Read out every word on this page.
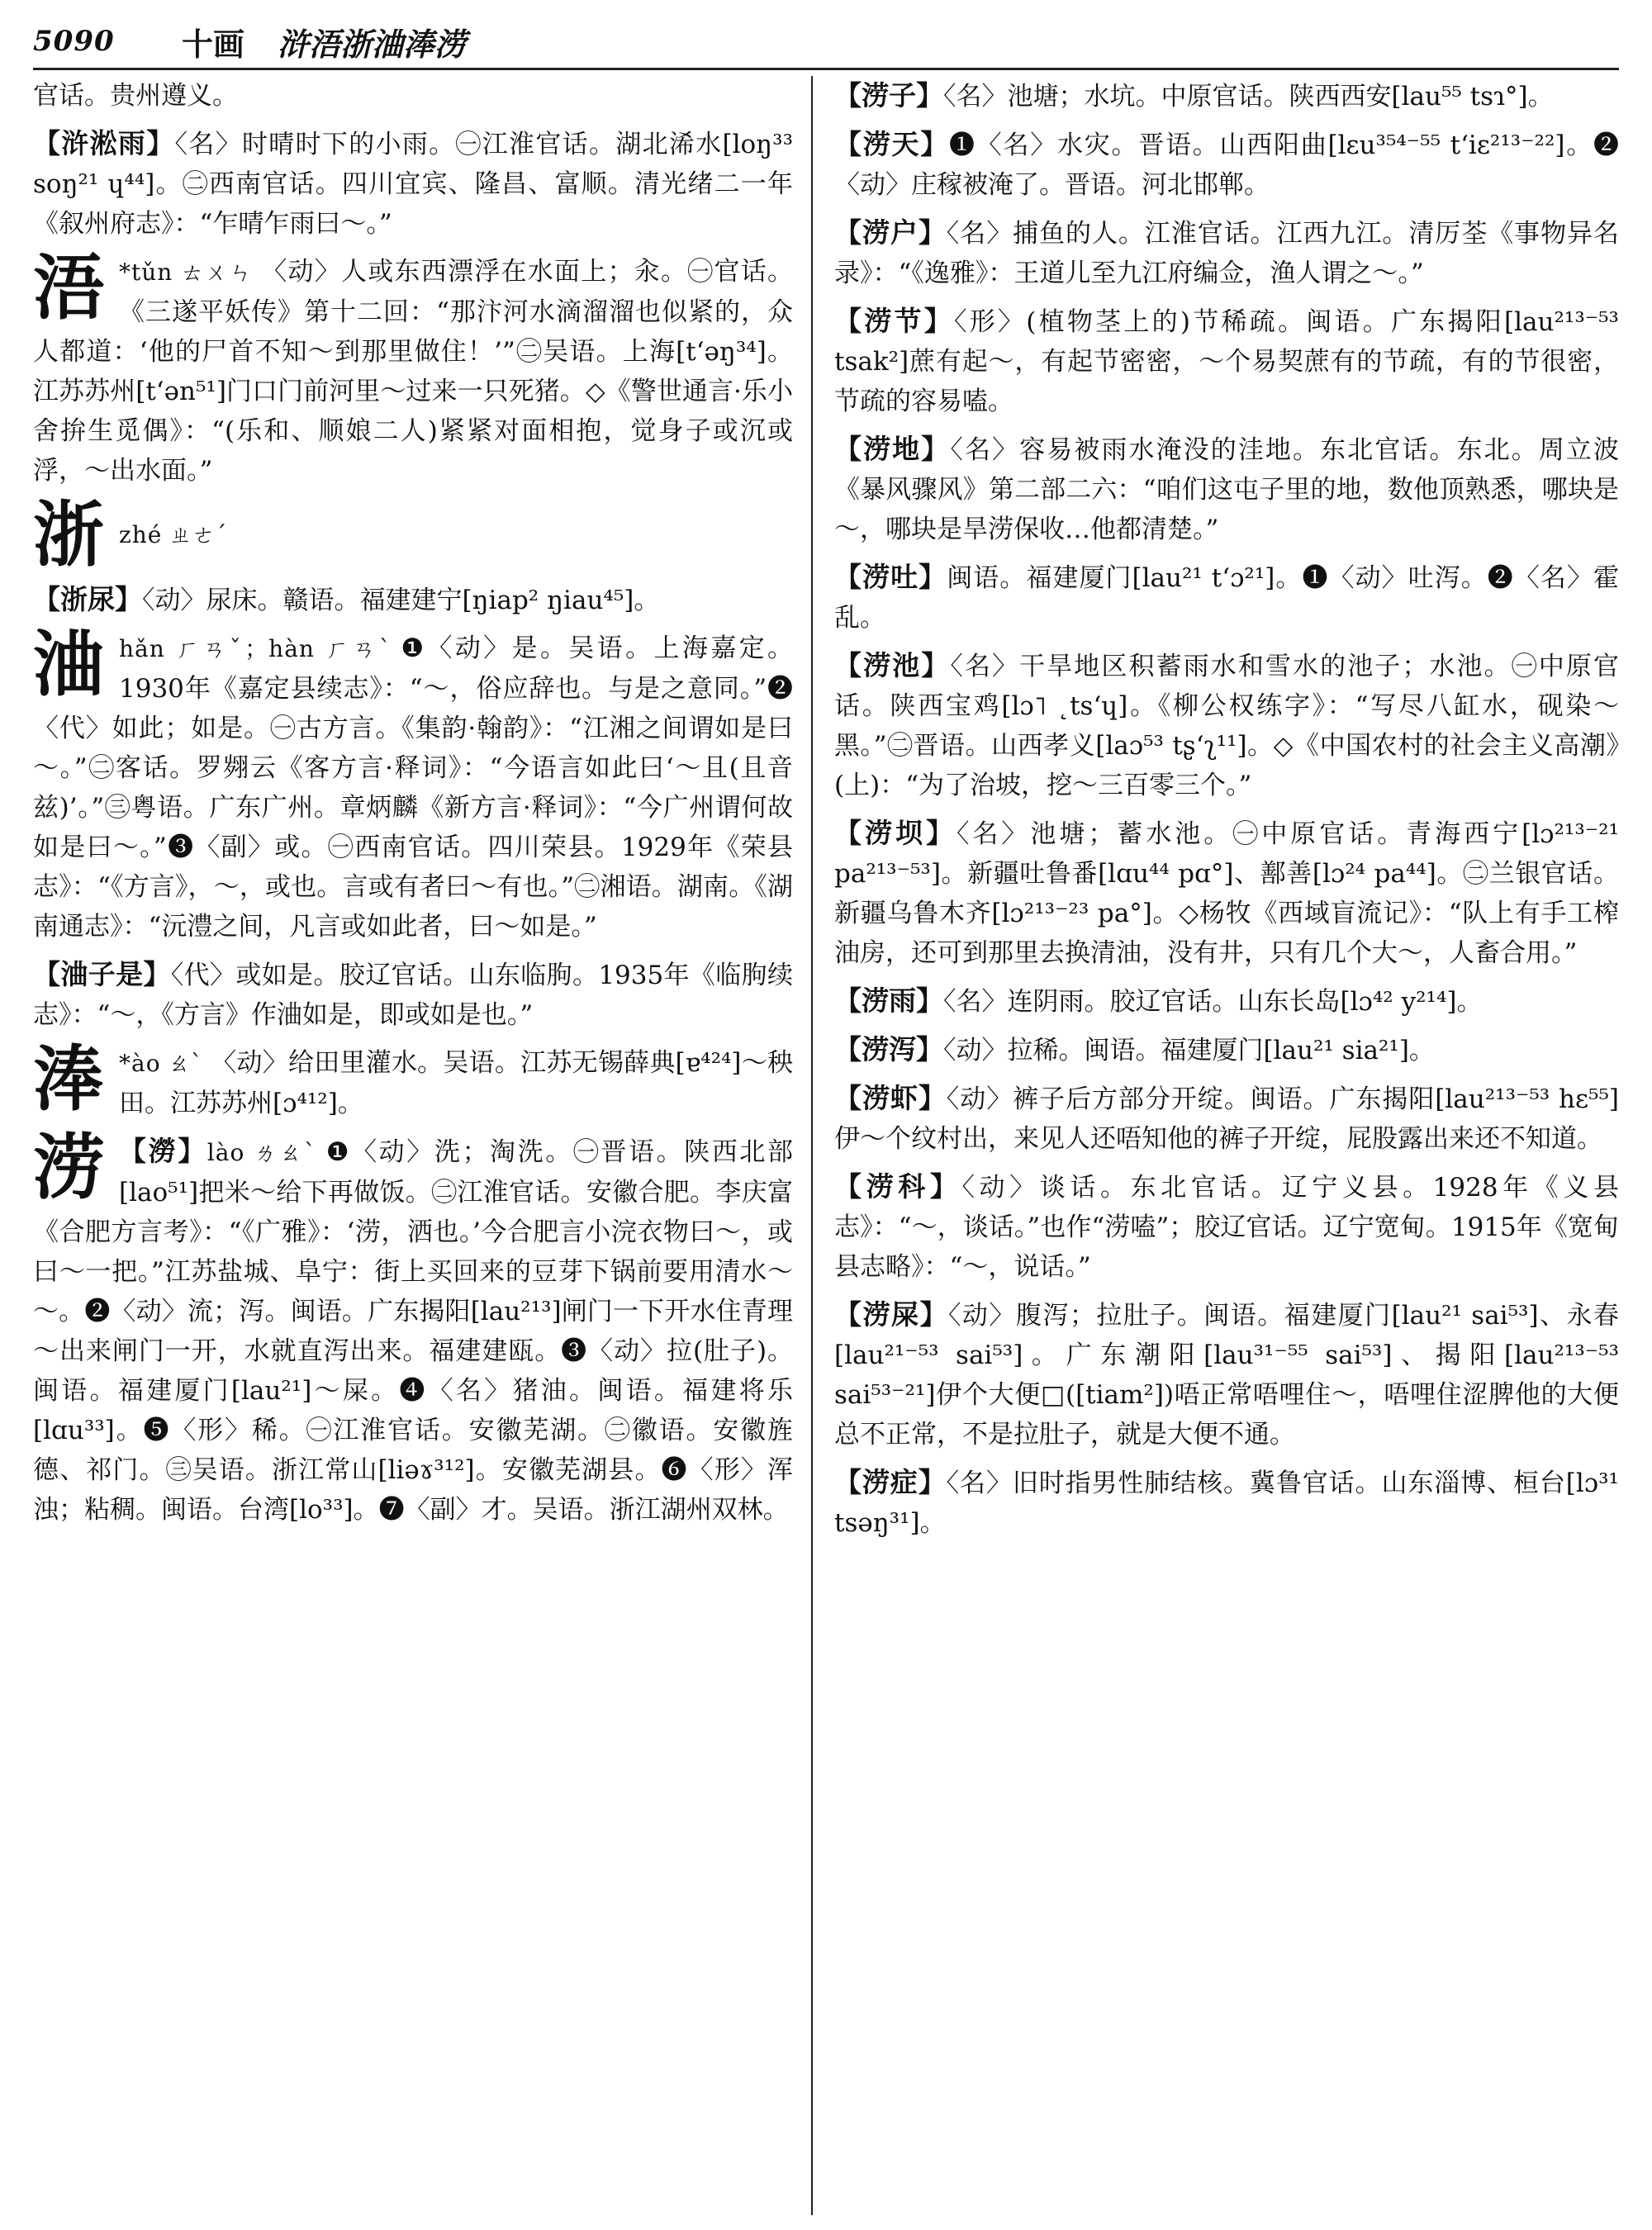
5090	十画 浒浯浙浀淎涝

官话。贵州遵义。

【浒淞雨】〈名〉时晴时下的小雨。㊀江淮官话。湖北浠水[loŋ³³ soŋ²¹ ɥ⁴⁴]。㊁西南官话。四川宜宾、隆昌、富顺。清光绪二一年《叙州府志》：“乍晴乍雨曰～。”

浯 *tǔn ㄊㄨㄣ 〈动〉人或东西漂浮在水面上；汆。㊀官话。《三遂平妖传》第十二回：“那汴河水滴溜溜也似紧的，众人都道：‘他的尸首不知～到那里做住！’”㊁吴语。上海[t‘əŋ³⁴]。江苏苏州[t‘ən⁵¹]门口门前河里～过来一只死猪。◇《警世通言·乐小舍拚生觅偶》：“(乐和、顺娘二人)紧紧对面相抱，觉身子或沉或浮，～出水面。”
浙 zhé ㄓㄜˊ

【浙尿】〈动〉尿床。赣语。福建建宁[ŋiap² ŋiau⁴⁵]。

浀 hǎn ㄏㄢˇ；hàn ㄏㄢˋ ❶〈动〉是。吴语。上海嘉定。1930年《嘉定县续志》：“～，俗应辞也。与是之意同。”❷〈代〉如此；如是。㊀古方言。《集韵·翰韵》：“江湘之间谓如是曰～。”㊁客话。罗翙云《客方言·释词》：“今语言如此曰‘～且(且音兹)’。”㊂粤语。广东广州。章炳麟《新方言·释词》：“今广州谓何故如是曰～。”❸〈副〉或。㊀西南官话。四川荣县。1929年《荣县志》：“《方言》，～，或也。言或有者曰～有也。”㊁湘语。湖南。《湖南通志》：“沅澧之间，凡言或如此者，曰～如是。”

【浀子是】〈代〉或如是。胶辽官话。山东临朐。1935年《临朐续志》：“～，《方言》作浀如是，即或如是也。”

淎 *ào ㄠˋ 〈动〉给田里灌水。吴语。江苏无锡薛典[ɐ⁴²⁴]～秧田。江苏苏州[ɔ⁴¹²]。
涝 【澇】lào ㄌㄠˋ ❶〈动〉洗；淘洗。㊀晋语。陕西北部[lao⁵¹]把米～给下再做饭。㊁江淮官话。安徽合肥。李庆富《合肥方言考》：“《广雅》：‘涝，洒也。’今合肥言小浣衣物曰～，或曰～一把。”江苏盐城、阜宁：街上买回来的豆芽下锅前要用清水～～。❷〈动〉流；泻。闽语。广东揭阳[lau²¹³]闸门一下开水住青理～出来闸门一开，水就直泻出来。福建建瓯。❸〈动〉拉(肚子)。闽语。福建厦门[lau²¹]～屎。❹〈名〉猪油。闽语。福建将乐[lɑu³³]。❺〈形〉稀。㊀江淮官话。安徽芜湖。㊁徽语。安徽旌德、祁门。㊂吴语。浙江常山[liəɤ³¹²]。安徽芜湖县。❻〈形〉浑浊；粘稠。闽语。台湾[lo³³]。❼〈副〉才。吴语。浙江湖州双林。

【涝子】〈名〉池塘；水坑。中原官话。陕西西安[lau⁵⁵ tsɿ°]。

【涝天】❶〈名〉水灾。晋语。山西阳曲[lɛu³⁵⁴⁻⁵⁵ t‘iɛ²¹³⁻²²]。❷〈动〉庄稼被淹了。晋语。河北邯郸。

【涝户】〈名〉捕鱼的人。江淮官话。江西九江。清厉荃《事物异名录》：“《逸雅》：王道儿至九江府编佥，渔人谓之～。”

【涝节】〈形〉(植物茎上的)节稀疏。闽语。广东揭阳[lau²¹³⁻⁵³ tsak²]蔗有起～，有起节密密，～个易契蔗有的节疏，有的节很密，节疏的容易嗑。

【涝地】〈名〉容易被雨水淹没的洼地。东北官话。东北。周立波《暴风骤风》第二部二六：“咱们这屯子里的地，数他顶熟悉，哪块是～，哪块是旱涝保收…他都清楚。”

【涝吐】闽语。福建厦门[lau²¹ t‘ɔ²¹]。❶〈动〉吐泻。❷〈名〉霍乱。

【涝池】〈名〉干旱地区积蓄雨水和雪水的池子；水池。㊀中原官话。陕西宝鸡[lɔ˥ ˛ts‘ɥ]。《柳公权练字》：“写尽八缸水，砚染～黑。”㊁晋语。山西孝义[laɔ⁵³ tʂ‘ʅ¹¹]。◇《中国农村的社会主义高潮》(上)：“为了治坡，挖～三百零三个。”

【涝坝】〈名〉池塘；蓄水池。㊀中原官话。青海西宁[lɔ²¹³⁻²¹ pa²¹³⁻⁵³]。新疆吐鲁番[lɑu⁴⁴ pɑ°]、鄯善[lɔ²⁴ pa⁴⁴]。㊁兰银官话。新疆乌鲁木齐[lɔ²¹³⁻²³ pa°]。◇杨牧《西域盲流记》：“队上有手工榨油房，还可到那里去换清油，没有井，只有几个大～，人畜合用。”

【涝雨】〈名〉连阴雨。胶辽官话。山东长岛[lɔ⁴² y²¹⁴]。

【涝泻】〈动〉拉稀。闽语。福建厦门[lau²¹ sia²¹]。

【涝虾】〈动〉裤子后方部分开绽。闽语。广东揭阳[lau²¹³⁻⁵³ hɛ⁵⁵]伊～个纹村出，来见人还唔知他的裤子开绽，屁股露出来还不知道。

【涝科】〈动〉谈话。东北官话。辽宁义县。1928年《义县志》：“～，谈话。”也作“涝嗑”；胶辽官话。辽宁宽甸。1915年《宽甸县志略》：“～，说话。”

【涝屎】〈动〉腹泻；拉肚子。闽语。福建厦门[lau²¹ sai⁵³]、永春[lau²¹⁻⁵³ sai⁵³]。广东潮阳[lau³¹⁻⁵⁵ sai⁵³]、揭阳[lau²¹³⁻⁵³ sai⁵³⁻²¹]伊个大便□([tiam²])唔正常唔哩住～，唔哩住涩脾他的大便总不正常，不是拉肚子，就是大便不通。

【涝症】〈名〉旧时指男性肺结核。冀鲁官话。山东淄博、桓台[lɔ³¹ tsəŋ³¹]。
